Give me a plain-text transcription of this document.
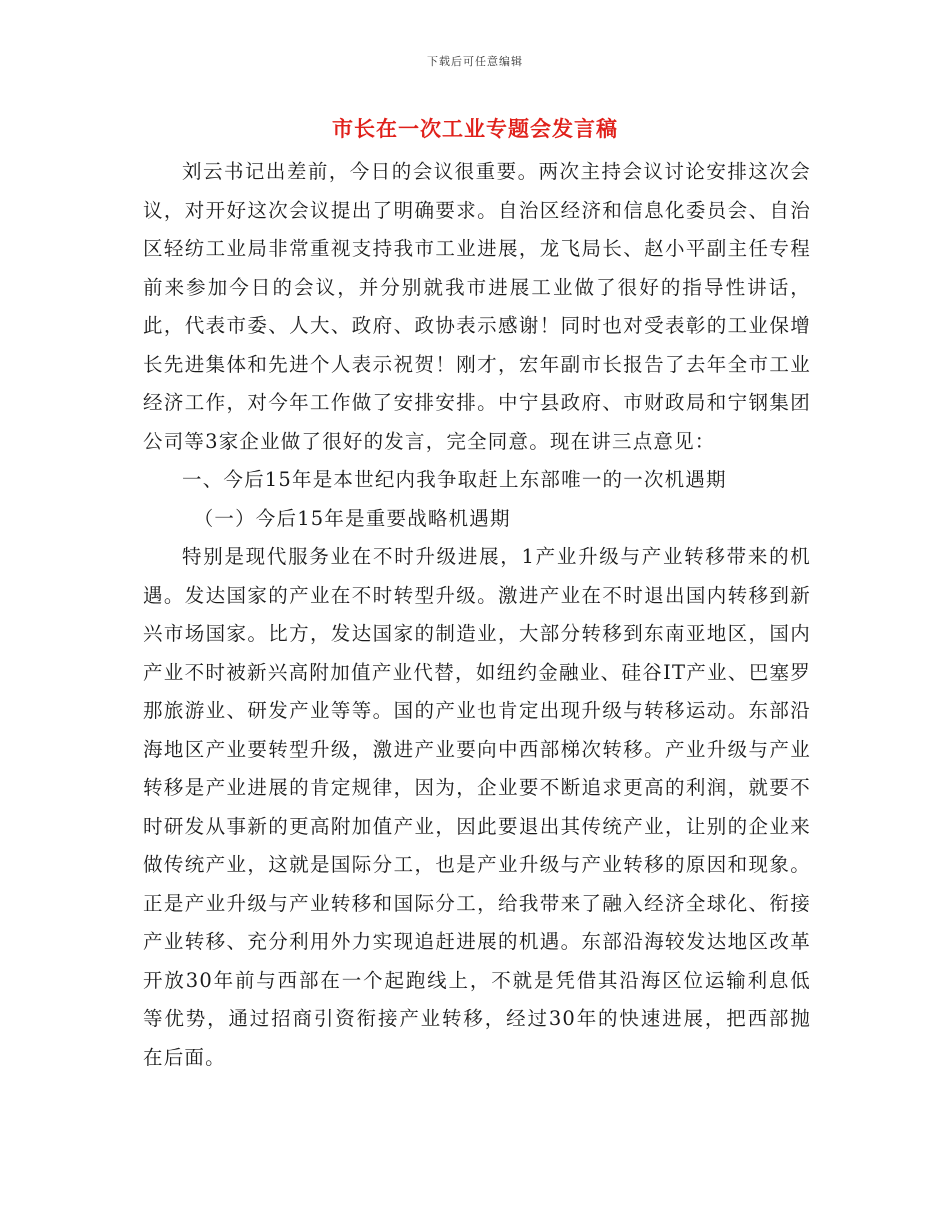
下载后可任意编辑
市长在一次工业专题会发言稿

刘云书记出差前，今日的会议很重要。两次主持会议讨论安排这次会议，对开好这次会议提出了明确要求。自治区经济和信息化委员会、自治区轻纺工业局非常重视支持我市工业进展，龙飞局长、赵小平副主任专程前来参加今日的会议，并分别就我市进展工业做了很好的指导性讲话，此，代表市委、人大、政府、政协表示感谢！同时也对受表彰的工业保增长先进集体和先进个人表示祝贺！刚才，宏年副市长报告了去年全市工业经济工作，对今年工作做了安排安排。中宁县政府、市财政局和宁钢集团公司等3家企业做了很好的发言，完全同意。现在讲三点意见：

一、今后15年是本世纪内我争取赶上东部唯一的一次机遇期

（一）今后15年是重要战略机遇期

特别是现代服务业在不时升级进展，1产业升级与产业转移带来的机遇。发达国家的产业在不时转型升级。激进产业在不时退出国内转移到新兴市场国家。比方，发达国家的制造业，大部分转移到东南亚地区，国内产业不时被新兴高附加值产业代替，如纽约金融业、硅谷IT产业、巴塞罗那旅游业、研发产业等等。国的产业也肯定出现升级与转移运动。东部沿海地区产业要转型升级，激进产业要向中西部梯次转移。产业升级与产业转移是产业进展的肯定规律，因为，企业要不断追求更高的利润，就要不时研发从事新的更高附加值产业，因此要退出其传统产业，让别的企业来做传统产业，这就是国际分工，也是产业升级与产业转移的原因和现象。正是产业升级与产业转移和国际分工，给我带来了融入经济全球化、衔接产业转移、充分利用外力实现追赶进展的机遇。东部沿海较发达地区改革开放30年前与西部在一个起跑线上，不就是凭借其沿海区位运输利息低等优势，通过招商引资衔接产业转移，经过30年的快速进展，把西部抛在后面。
